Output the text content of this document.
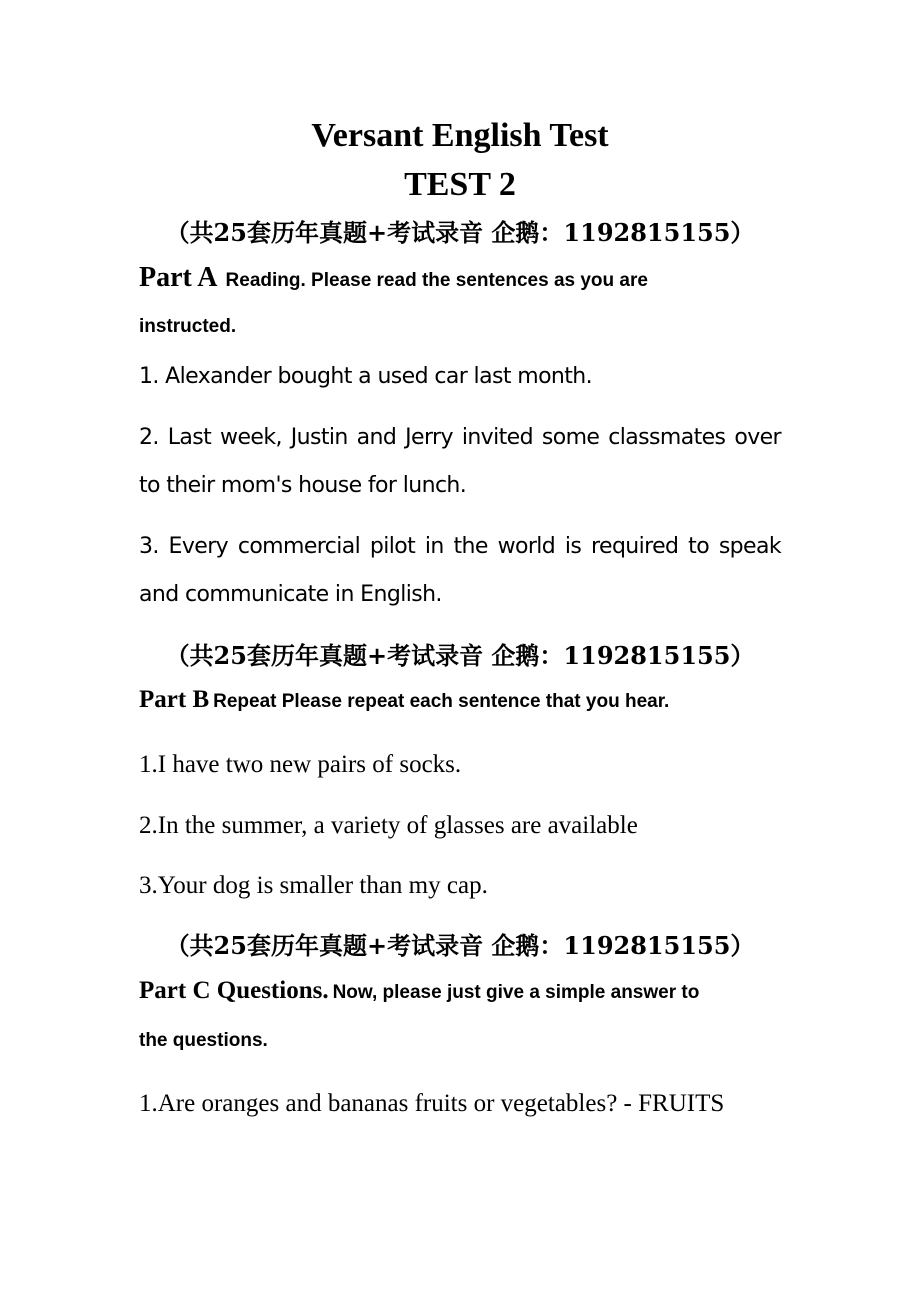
Versant English Test
TEST 2
（共25套历年真题+考试录音 企鹅：1192815155）
Part A Reading. Please read the sentences as you are
instructed.
1. Alexander bought a used car last month.
2. Last week, Justin and Jerry invited some classmates over to their mom's house for lunch.
3. Every commercial pilot in the world is required to speak and communicate in English.
（共25套历年真题+考试录音 企鹅：1192815155）
Part B Repeat Please repeat each sentence that you hear.
1.I have two new pairs of socks.
2.In the summer, a variety of glasses are available
3.Your dog is smaller than my cap.
（共25套历年真题+考试录音 企鹅：1192815155）
Part C Questions. Now, please just give a simple answer to
the questions.
1.Are oranges and bananas fruits or vegetables? - FRUITS
